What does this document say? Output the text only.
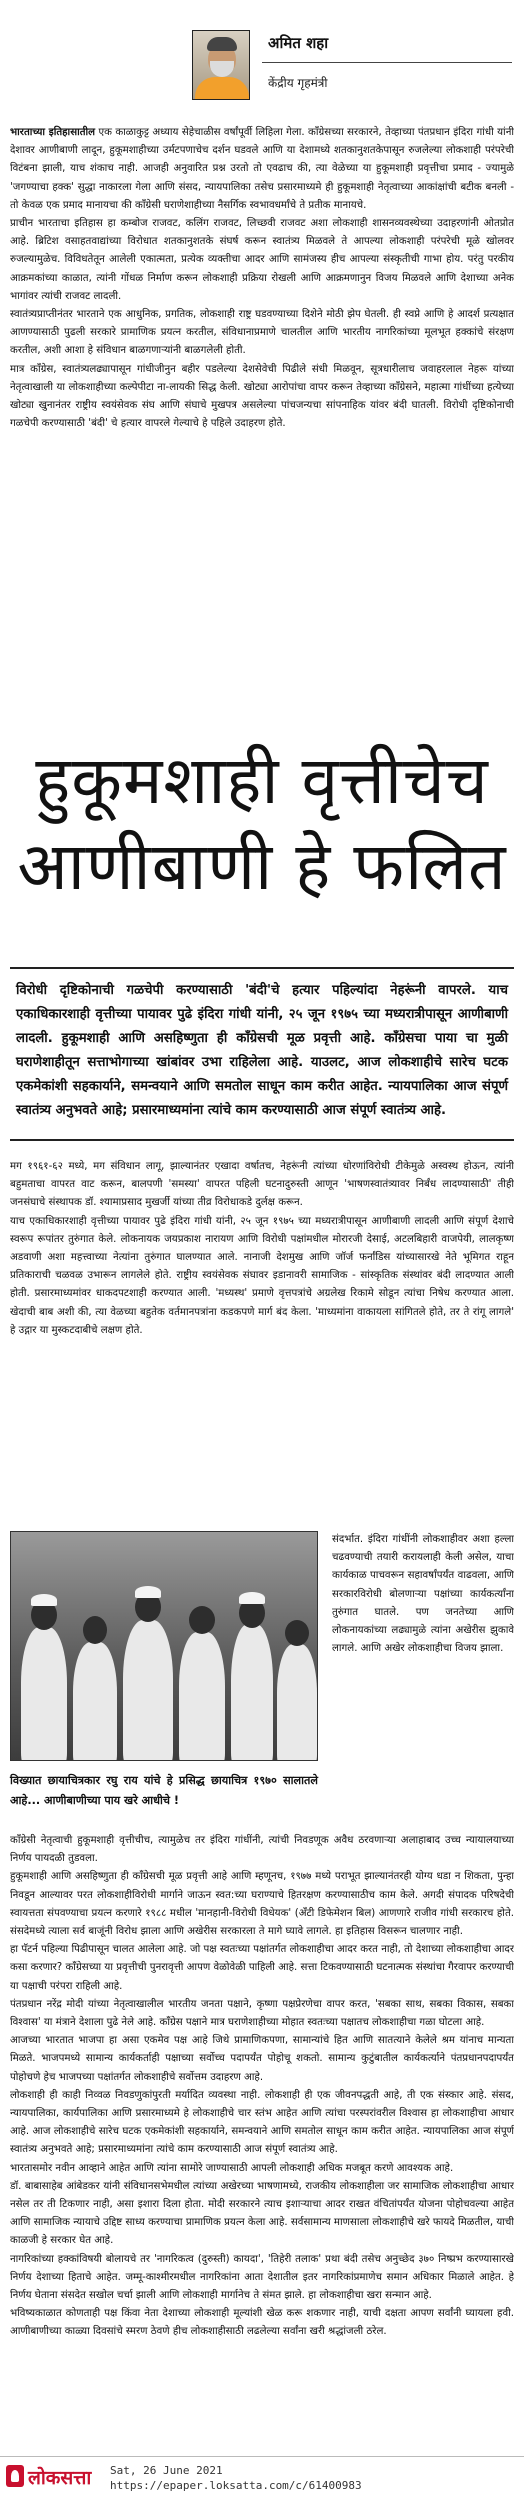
अमित शहा
केंद्रीय गृहमंत्री

भारताच्या इतिहासातील एक काळाकुट्ट अध्याय सेहेचाळीस वर्षांपूर्वी लिहिला गेला. काँग्रेसच्या सरकारने, तेव्हाच्या पंतप्रधान इंदिरा गांधी यांनी देशावर आणीबाणी लादून, हुकूमशाहीच्या उर्मटपणाचेच दर्शन घडवले आणि या देशामध्ये शतकानुशतकेपासून रुजलेल्या लोकशाही परंपरेची विटंबना झाली, याच शंकाच नाही. आजही अनुवारित प्रश्न उरतो तो एवढाच की, त्या वेळेच्या या हुकूमशाही प्रवृत्तीचा प्रमाद - ज्यामुळे 'जगण्याचा हक्क' सुद्धा नाकारला गेला आणि संसद, न्यायपालिका तसेच प्रसारमाध्यमे ही हुकूमशाही नेतृत्वाच्या आकांक्षांची बटीक बनली - तो केवळ एक प्रमाद मानायचा की काँग्रेसी घराणेशाहीच्या नैसर्गिक स्वभावधर्मांचे ते प्रतीक मानायचे.

प्राचीन भारताचा इतिहास हा कम्बोज राजवट, कलिंग राजवट, लिच्छवी राजवट अशा लोकशाही शासनव्यवस्थेच्या उदाहरणांनी ओतप्रोत आहे. ब्रिटिश वसाहतवाद्यांच्या विरोधात शतकानुशतके संघर्ष करून स्वातंत्र्य मिळवले ते आपल्या लोकशाही परंपरेची मूळे खोलवर रुजल्यामुळेच. विविधतेतून आलेली एकात्मता, प्रत्येक व्यक्तीचा आदर आणि सामंजस्य हीच आपल्या संस्कृतीची गाभा होय. परंतु परकीय आक्रमकांच्या काळात, त्यांनी गोंधळ निर्माण करून लोकशाही प्रक्रिया रोखली आणि आक्रमणानुन विजय मिळवले आणि देशाच्या अनेक भागांवर त्यांची राजवट लादली.

स्वातंत्र्यप्राप्तीनंतर भारताने एक आधुनिक, प्रगतिक, लोकशाही राष्ट्र घडवण्याच्या दिशेने मोठी झेप घेतली. ही स्वप्ने आणि हे आदर्श प्रत्यक्षात आणण्यासाठी पुढली सरकारे प्रामाणिक प्रयत्न करतील, संविधानाप्रमाणे चालतील आणि भारतीय नागरिकांच्या मूलभूत हक्कांचे संरक्षण करतील, अशी आशा हे संविधान बाळगणाऱ्यांनी बाळगलेली होती.

मात्र काँग्रेस, स्वातंत्र्यलढ्यापासून गांधीजीनुन बहीर पडलेल्या देशसेवेची पिढीले संधी मिळवून, सूत्रधारीलाच जवाहरलाल नेहरू यांच्या नेतृत्वाखाली या लोकशाहीच्या कल्पेपीटा ना-लायकी सिद्ध केली. खोट्या आरोपांचा वापर करून तेव्हाच्या काँग्रेसने, महात्मा गांधींच्या हत्येच्या खोट्या खुनानंतर राष्ट्रीय स्वयंसेवक संघ आणि संघाचे मुखपत्र असलेल्या पांचजन्यचा सांपनाहिक यांवर बंदी घातली. विरोधी दृष्टिकोनाची गळचेपी करण्यासाठी 'बंदी' चे हत्यार वापरले गेल्याचे हे पहिले उदाहरण होते.

हुकूमशाही वृत्तीचेच
आणीबाणी हे फलित
विरोधी दृष्टिकोनाची गळचेपी करण्यासाठी 'बंदी'चे हत्यार पहिल्यांदा नेहरूंनी वापरले. याच एकाधिकारशाही वृत्तीच्या पायावर पुढे इंदिरा गांधी यांनी, २५ जून १९७५ च्या मध्यरात्रीपासून आणीबाणी लादली. हुकूमशाही आणि असहिष्णुता ही काँग्रेसची मूळ प्रवृत्ती आहे. काँग्रेसचा पाया चा मुळी घराणेशाहीतून सत्ताभोगाच्या खांबांवर उभा राहिलेला आहे. याउलट, आज लोकशाहीचे सारेच घटक एकमेकांशी सहकार्याने, समन्वयाने आणि समतोल साधून काम करीत आहेत. न्यायपालिका आज संपूर्ण स्वातंत्र्य अनुभवते आहे; प्रसारमाध्यमांना त्यांचे काम करण्यासाठी आज संपूर्ण स्वातंत्र्य आहे.

मग १९६१-६२ मध्ये, मग संविधान लागू, झाल्यानंतर एखादा वर्षातच, नेहरूंनी त्यांच्या धोरणांविरोधी टीकेमुळे अस्वस्थ होऊन, त्यांनी बहुमताचा वापरत वाट करून, बालपणी 'समस्या' वापरत पहिली घटनादुरुस्ती आणून 'भाषणस्वातंत्र्यावर निर्बंध लादण्यासाठी' तीही जनसंघाचे संस्थापक डॉ. श्यामाप्रसाद मुखर्जी यांच्या तीव्र विरोधाकडे दुर्लक्ष करून.

याच एकाधिकारशाही वृत्तीच्या पायावर पुढे इंदिरा गांधी यांनी, २५ जून १९७५ च्या मध्यरात्रीपासून आणीबाणी लादली आणि संपूर्ण देशाचे स्वरूप रूपांतर तुरुंगात केले. लोकनायक जयप्रकाश नारायण आणि विरोधी पक्षांमधील मोरारजी देसाई, अटलबिहारी वाजपेयी, लालकृष्ण अडवाणी अशा महत्त्वाच्या नेत्यांना तुरुंगात घालण्यात आले. नानाजी देशमुख आणि जॉर्ज फर्नांडिस यांच्यासारखे नेते भूमिगत राहून प्रतिकाराची चळवळ उभारून लागलेले होते. राष्ट्रीय स्वयंसेवक संघावर इडानावरी सामाजिक - सांस्कृतिक संस्थांवर बंदी लादण्यात आली होती. प्रसारमाध्यमांवर धाकदपटशाही करण्यात आली. 'मध्यस्थ' प्रमाणे वृत्तपत्रांचे अग्रलेख रिकामे सोडून त्यांचा निषेध करण्यात आला. खेदाची बाब अशी की, त्या वेळच्या बहुतेक वर्तमानपत्रांना कडकपणे मार्ग बंद केला. 'माध्यमांना वाकायला सांगितले होते, तर ते रांगू लागले' हे उद्गार या मुस्कटदाबीचे लक्षण होते.

विख्यात छायाचित्रकार रघु राय यांचे हे प्रसिद्ध छायाचित्र १९७० सालातले आहे... आणीबाणीच्या पाय खरे आधीचे !
संदर्भात. इंदिरा गांधींनी लोकशाहीवर अशा हल्ला चढवण्याची तयारी करायलाही केली असेल, याचा कार्यकाळ पाचवरून सहावर्षांपर्यंत वाढवला, आणि सरकारविरोधी बोलणाऱ्या पक्षांच्या कार्यकर्त्यांना तुरुंगात घातले. पण जनतेच्या आणि लोकनायकांच्या लढ्यामुळे त्यांना अखेरीस झुकावे लागले. आणि अखेर लोकशाहीचा विजय झाला.

काँग्रेसी नेतृत्वाची हुकूमशाही वृत्तीचीच, त्यामुळेच तर इंदिरा गांधींनी, त्यांची निवडणूक अवैध ठरवणाऱ्या अलाहाबाद उच्च न्यायालयाच्या निर्णय पायदळी तुडवला.

हुकूमशाही आणि असहिष्णुता ही काँग्रेसची मूळ प्रवृत्ती आहे आणि म्हणूनच, १९७७ मध्ये पराभूत झाल्यानंतरही योग्य धडा न शिकता, पुन्हा निवडून आल्यावर परत लोकशाहीविरोधी मार्गाने जाऊन स्वत:च्या घराण्याचे हितरक्षण करण्यासाठीच काम केले. अगदी संपादक परिषदेची स्वायत्तता संपवण्याचा प्रयत्न करणारे १९८८ मधील 'मानहानी-विरोधी विधेयक' (अँटी डिफेमेशन बिल) आणणारे राजीव गांधी सरकारच होते. संसदेमध्ये त्याला सर्व बाजूंनी विरोध झाला आणि अखेरीस सरकारला ते मागे घ्यावे लागले. हा इतिहास विसरून चालणार नाही.

हा पॅटर्न पहिल्या पिढीपासून चालत आलेला आहे. जो पक्ष स्वतःच्या पक्षांतर्गत लोकशाहीचा आदर करत नाही, तो देशाच्या लोकशाहीचा आदर कसा करणार? काँग्रेसच्या या प्रवृत्तीची पुनरावृत्ती आपण वेळोवेळी पाहिली आहे. सत्ता टिकवण्यासाठी घटनात्मक संस्थांचा गैरवापर करण्याची या पक्षाची परंपरा राहिली आहे.

पंतप्रधान नरेंद्र मोदी यांच्या नेतृत्वाखालील भारतीय जनता पक्षाने, कृष्णा पक्षप्रेरणेचा वापर करत, 'सबका साथ, सबका विकास, सबका विश्वास' या मंत्राने देशाला पुढे नेले आहे. काँग्रेस पक्षाने मात्र घराणेशाहीच्या मोहात स्वतःच्या पक्षातच लोकशाहीचा गळा घोटला आहे.

आजच्या भारतात भाजपा हा असा एकमेव पक्ष आहे जिथे प्रामाणिकपणा, सामान्यांचे हित आणि सातत्याने केलेले श्रम यांनाच मान्यता मिळते. भाजपमध्ये सामान्य कार्यकर्ताही पक्षाच्या सर्वोच्च पदापर्यंत पोहोचू शकतो. सामान्य कुटुंबातील कार्यकर्त्याने पंतप्रधानपदापर्यंत पोहोचणे हेच भाजपच्या पक्षांतर्गत लोकशाहीचे सर्वोत्तम उदाहरण आहे.

लोकशाही ही काही निव्वळ निवडणुकांपुरती मर्यादित व्यवस्था नाही. लोकशाही ही एक जीवनपद्धती आहे, ती एक संस्कार आहे. संसद, न्यायपालिका, कार्यपालिका आणि प्रसारमाध्यमे हे लोकशाहीचे चार स्तंभ आहेत आणि त्यांचा परस्परांवरील विश्वास हा लोकशाहीचा आधार आहे. आज लोकशाहीचे सारेच घटक एकमेकांशी सहकार्याने, समन्वयाने आणि समतोल साधून काम करीत आहेत. न्यायपालिका आज संपूर्ण स्वातंत्र्य अनुभवते आहे; प्रसारमाध्यमांना त्यांचे काम करण्यासाठी आज संपूर्ण स्वातंत्र्य आहे.

भारतासमोर नवीन आव्हाने आहेत आणि त्यांना सामोरे जाण्यासाठी आपली लोकशाही अधिक मजबूत करणे आवश्यक आहे.

डॉ. बाबासाहेब आंबेडकर यांनी संविधानसभेमधील त्यांच्या अखेरच्या भाषणामध्ये, राजकीय लोकशाहीला जर सामाजिक लोकशाहीचा आधार नसेल तर ती टिकणार नाही, असा इशारा दिला होता. मोदी सरकारने त्याच इशाऱ्याचा आदर राखत वंचितांपर्यंत योजना पोहोचवल्या आहेत आणि सामाजिक न्यायाचे उद्दिष्ट साध्य करण्याचा प्रामाणिक प्रयत्न केला आहे. सर्वसामान्य माणसाला लोकशाहीचे खरे फायदे मिळतील, याची काळजी हे सरकार घेत आहे.

नागरिकांच्या हक्कांविषयी बोलायचे तर 'नागरिकत्व (दुरुस्ती) कायदा', 'तिहेरी तलाक' प्रथा बंदी तसेच अनुच्छेद ३७० निष्प्रभ करण्यासारखे निर्णय देशाच्या हिताचे आहेत. जम्मू-काश्मीरमधील नागरिकांना आता देशातील इतर नागरिकांप्रमाणेच समान अधिकार मिळाले आहेत. हे निर्णय घेताना संसदेत सखोल चर्चा झाली आणि लोकशाही मार्गानेच ते संमत झाले. हा लोकशाहीचा खरा सन्मान आहे.

भविष्यकाळात कोणताही पक्ष किंवा नेता देशाच्या लोकशाही मूल्यांशी खेळ करू शकणार नाही, याची दक्षता आपण सर्वांनी घ्यायला हवी. आणीबाणीच्या काळ्या दिवसांचे स्मरण ठेवणे हीच लोकशाहीसाठी लढलेल्या सर्वांना खरी श्रद्धांजली ठरेल.

लोकसत्ता Sat, 26 June 2021
https://epaper.loksatta.com/c/61400983
